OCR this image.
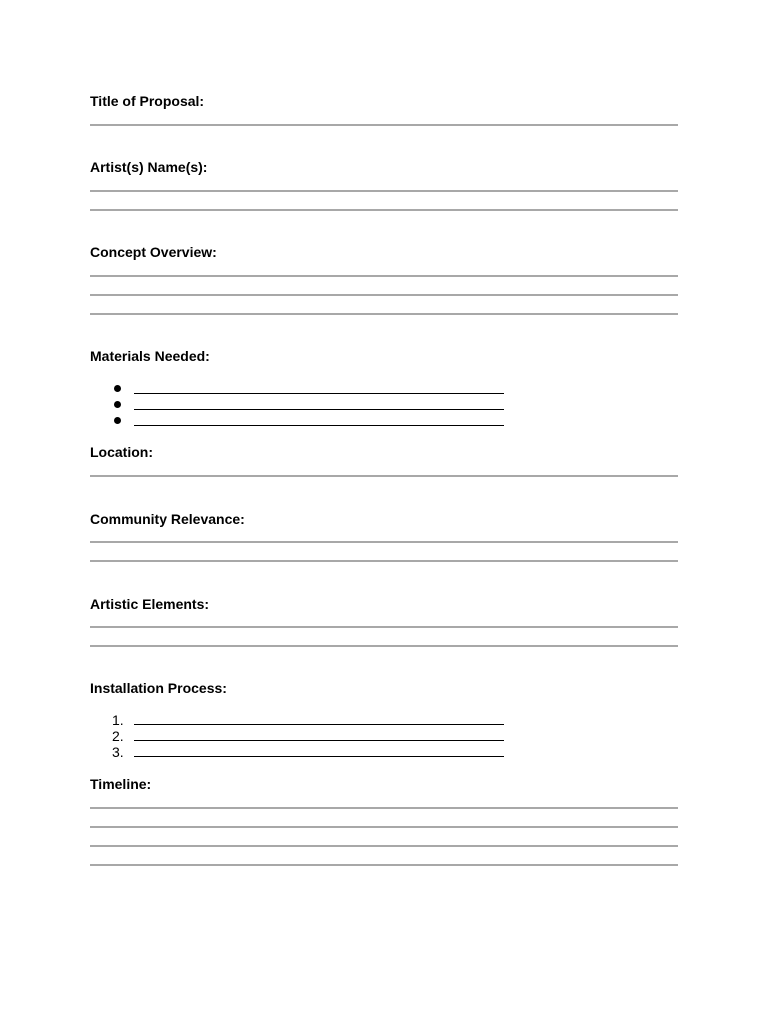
Title of Proposal:
Artist(s) Name(s):
Concept Overview:
Materials Needed:
Location:
Community Relevance:
Artistic Elements:
Installation Process:
1.
2.
3.
Timeline:
